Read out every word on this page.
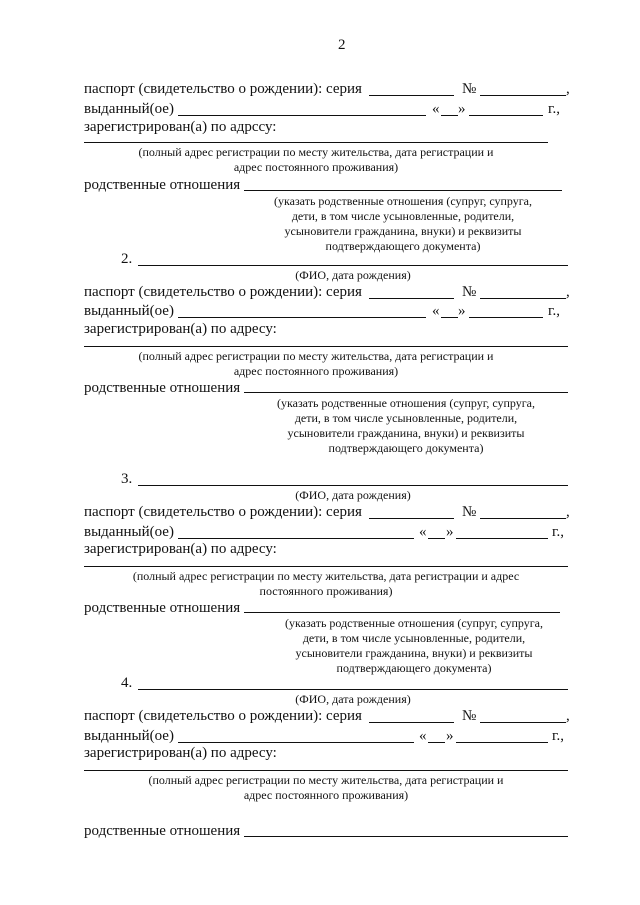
2
паспорт (свидетельство о рождении): серия	№	,
выданный(ое)	« »	г.,
зарегистрирован(а) по адрссу:
(полный адрес регистрации по месту жительства, дата регистрации и
адрес постоянного проживания)
родственные отношения
(указать родственные отношения (супруг, супруга,
дети, в том числе усыновленные, родители,
усыновители гражданина, внуки) и реквизиты
подтверждающего документа)
2.
(ФИО, дата рождения)
паспорт (свидетельство о рождении): серия	№	,
выданный(ое)	« »	г.,
зарегистрирован(а) по адресу:
(полный адрес регистрации по месту жительства, дата регистрации и
адрес постоянного проживания)
родственные отношения
(указать родственные отношения (супруг, супруга,
дети, в том числе усыновленные, родители,
усыновители гражданина, внуки) и реквизиты
подтверждающего документа)
3.
(ФИО, дата рождения)
паспорт (свидетельство о рождении): серия	№	,
выданный(ое)	« »	г.,
зарегистрирован(а) по адресу:
(полный адрес регистрации по месту жительства, дата регистрации и адрес
постоянного проживания)
родственные отношения
(указать родственные отношения (супруг, супруга,
дети, в том числе усыновленные, родители,
усыновители гражданина, внуки) и реквизиты
подтверждающего документа)
4.
(ФИО, дата рождения)
паспорт (свидетельство о рождении): серия	№	,
выданный(ое)	« »	г.,
зарегистрирован(а) по адресу:
(полный адрес регистрации по месту жительства, дата регистрации и
адрес постоянного проживания)
родственные отношения
